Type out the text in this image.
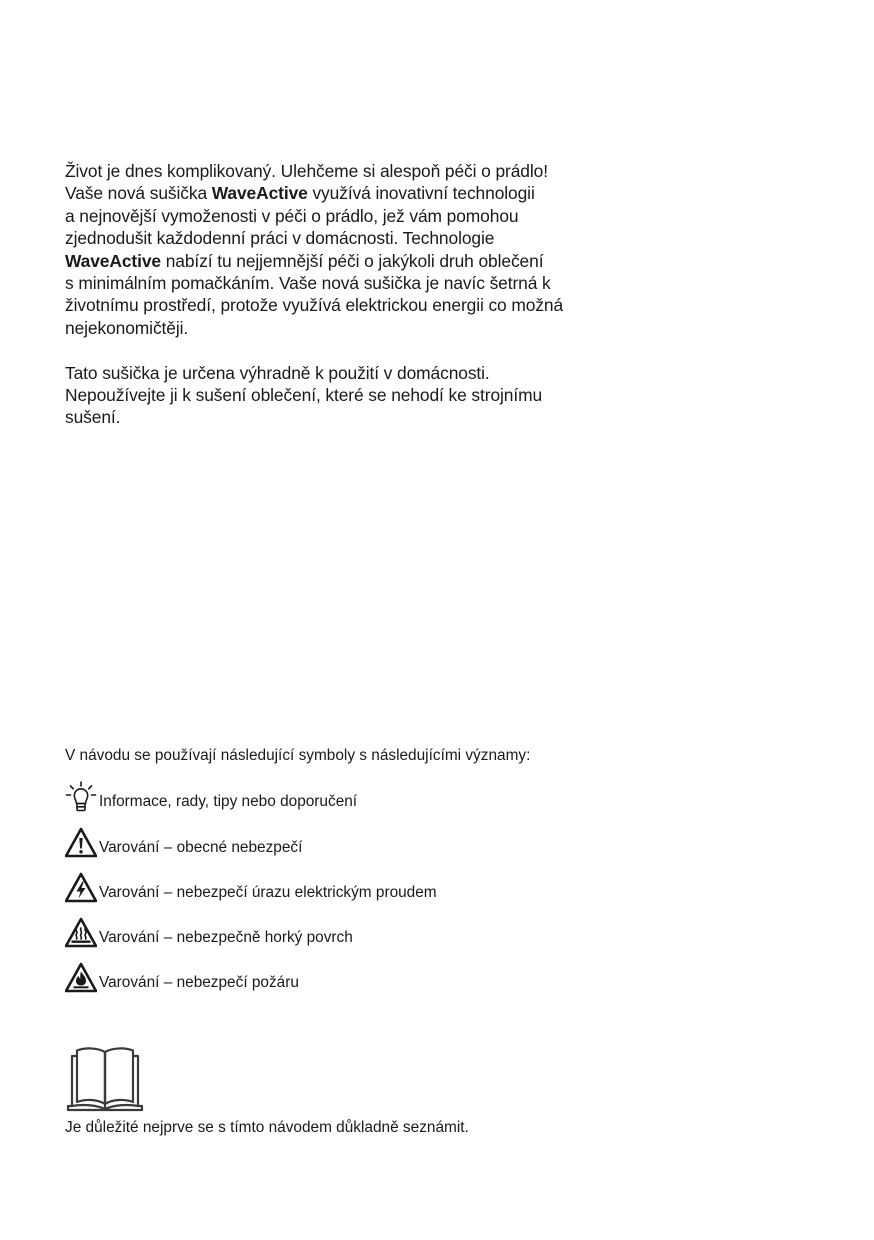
Život je dnes komplikovaný. Ulehčeme si alespoň péči o prádlo!
Vaše nová sušička WaveActive využívá inovativní technologii
a nejnovější vymoženosti v péči o prádlo, jež vám pomohou
zjednodušit každodenní práci v domácnosti. Technologie
WaveActive nabízí tu nejjemnější péči o jakýkoli druh oblečení
s minimálním pomačkáním. Vaše nová sušička je navíc šetrná k
životnímu prostředí, protože využívá elektrickou energii co možná
nejekonomičtěji.

Tato sušička je určena výhradně k použití v domácnosti.
Nepoužívejte ji k sušení oblečení, které se nehodí ke strojnímu
sušení.

V návodu se používají následující symboly s následujícími významy:

Informace, rady, tipy nebo doporučení
Varování – obecné nebezpečí
Varování – nebezpečí úrazu elektrickým proudem
Varování – nebezpečně horký povrch
Varování – nebezpečí požáru
Je důležité nejprve se s tímto návodem důkladně seznámit.
